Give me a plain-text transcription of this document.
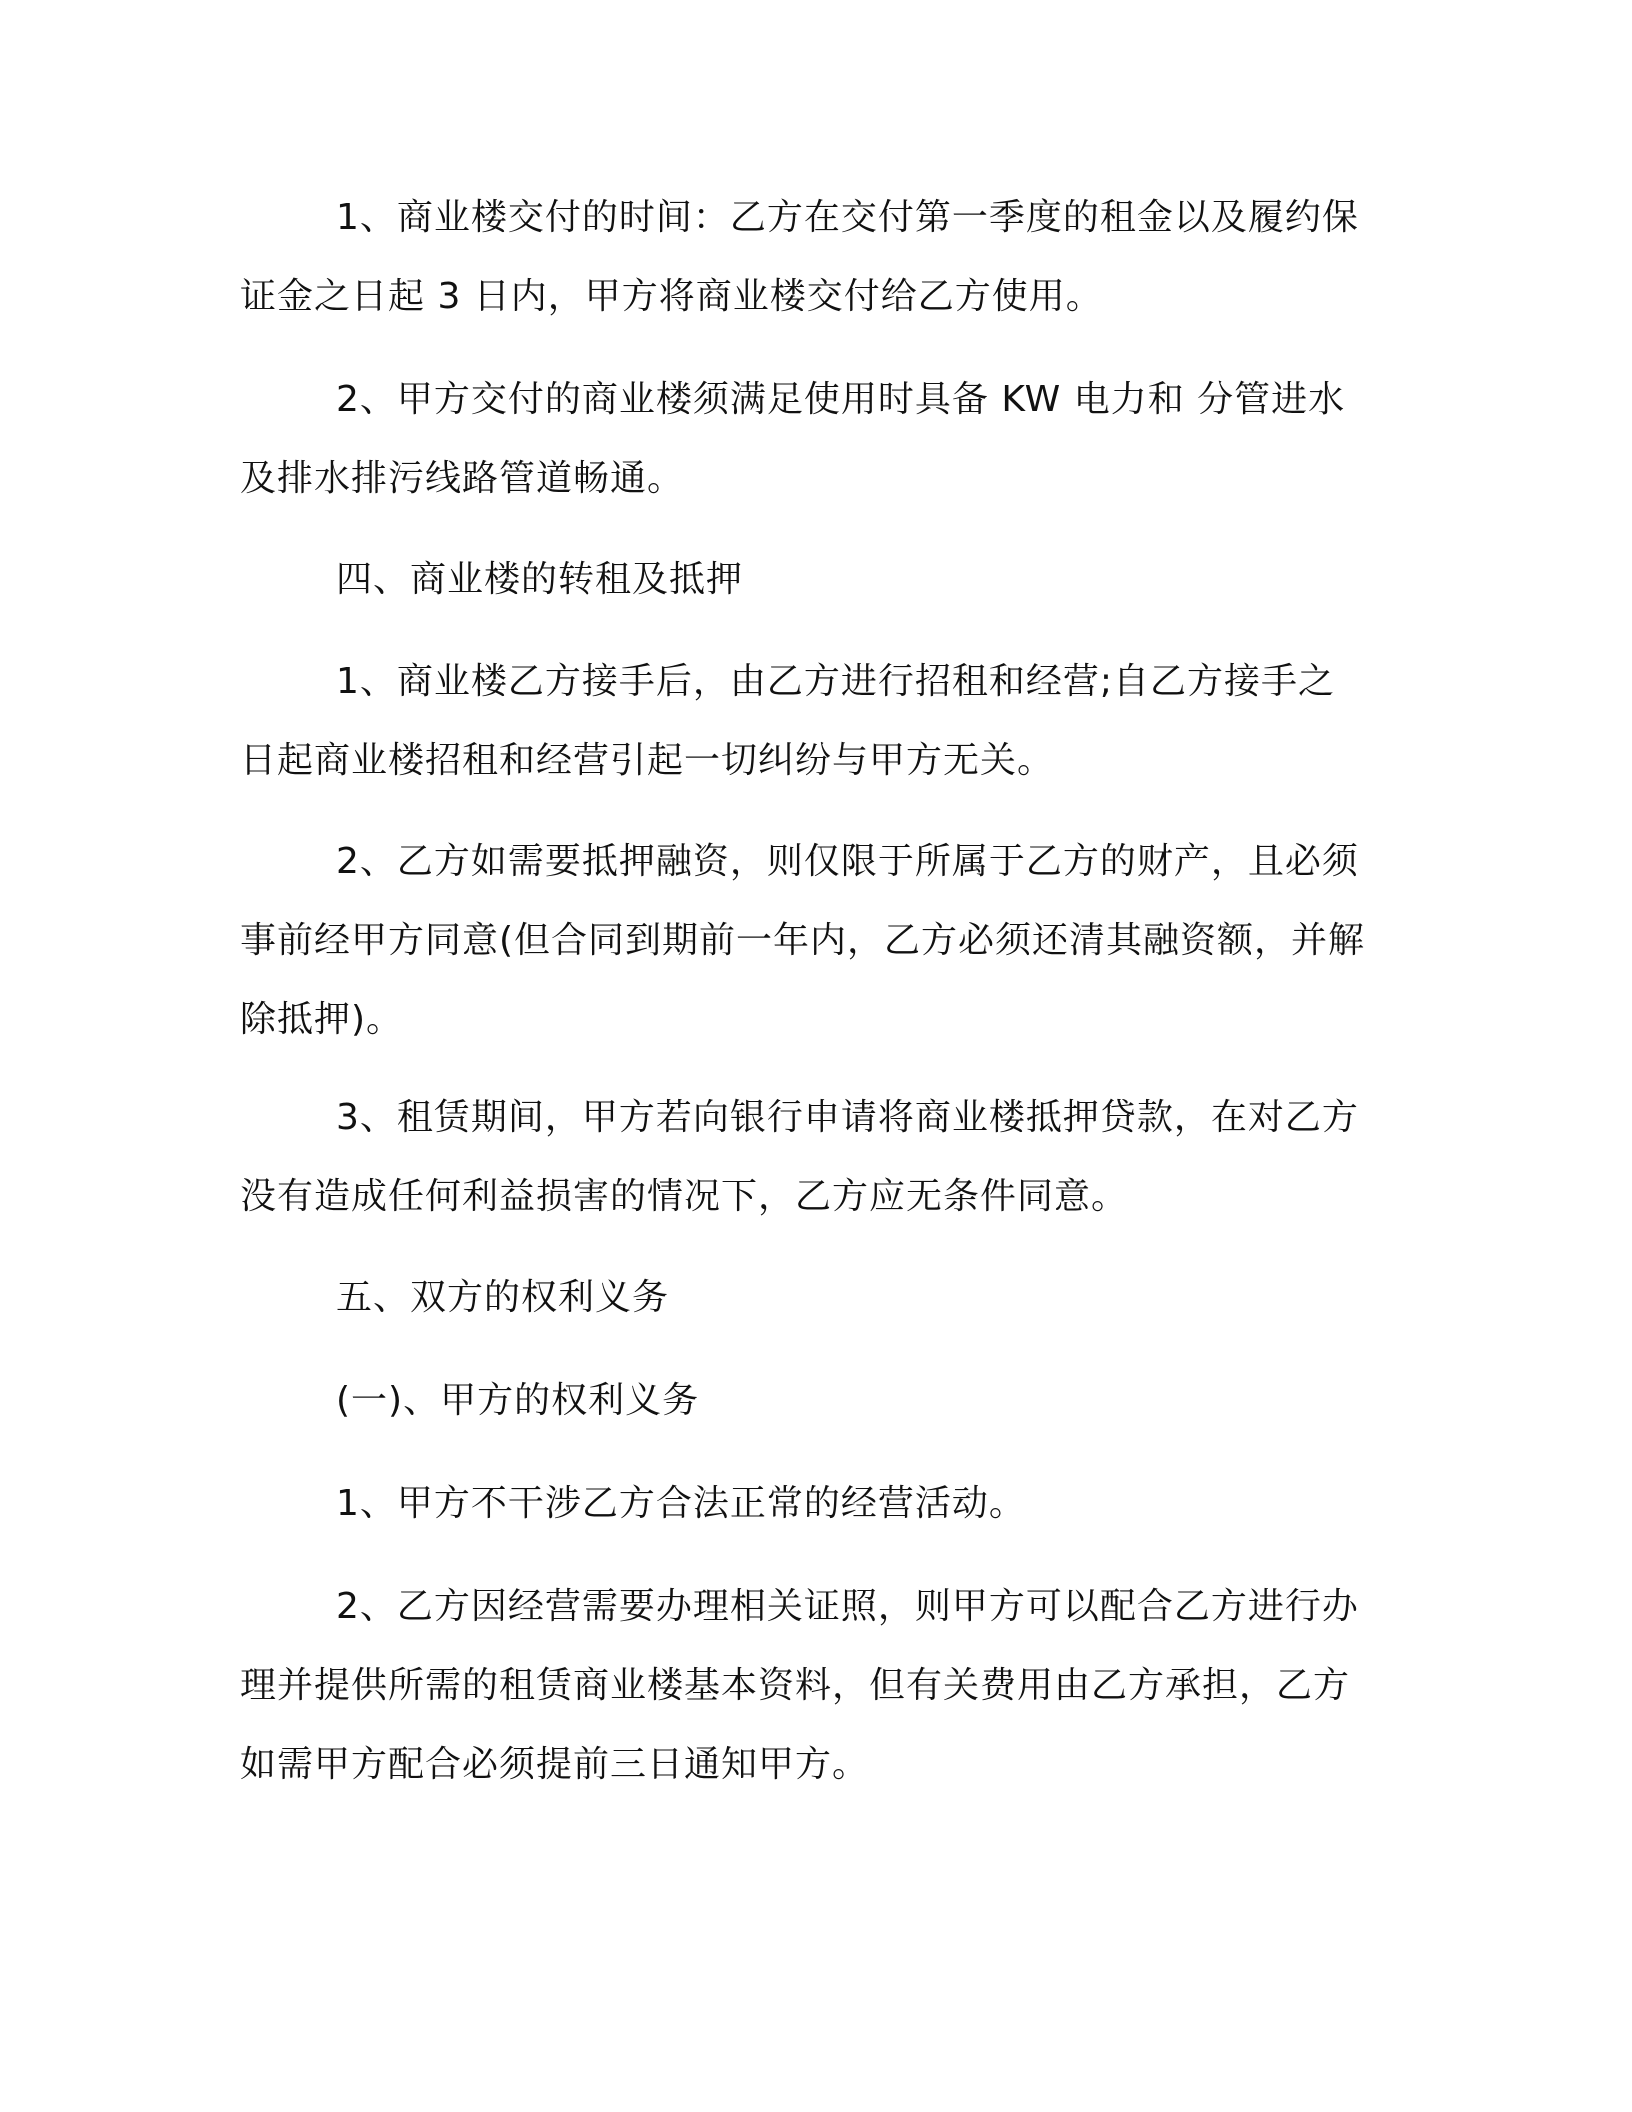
1、商业楼交付的时间：乙方在交付第一季度的租金以及履约保证金之日起 3 日内，甲方将商业楼交付给乙方使用。

2、甲方交付的商业楼须满足使用时具备 KW 电力和 分管进水及排水排污线路管道畅通。

四、商业楼的转租及抵押

1、商业楼乙方接手后，由乙方进行招租和经营;自乙方接手之日起商业楼招租和经营引起一切纠纷与甲方无关。

2、乙方如需要抵押融资，则仅限于所属于乙方的财产，且必须事前经甲方同意(但合同到期前一年内，乙方必须还清其融资额，并解除抵押)。

3、租赁期间，甲方若向银行申请将商业楼抵押贷款，在对乙方没有造成任何利益损害的情况下，乙方应无条件同意。

五、双方的权利义务

(一)、甲方的权利义务

1、甲方不干涉乙方合法正常的经营活动。

2、乙方因经营需要办理相关证照，则甲方可以配合乙方进行办理并提供所需的租赁商业楼基本资料，但有关费用由乙方承担，乙方如需甲方配合必须提前三日通知甲方。
